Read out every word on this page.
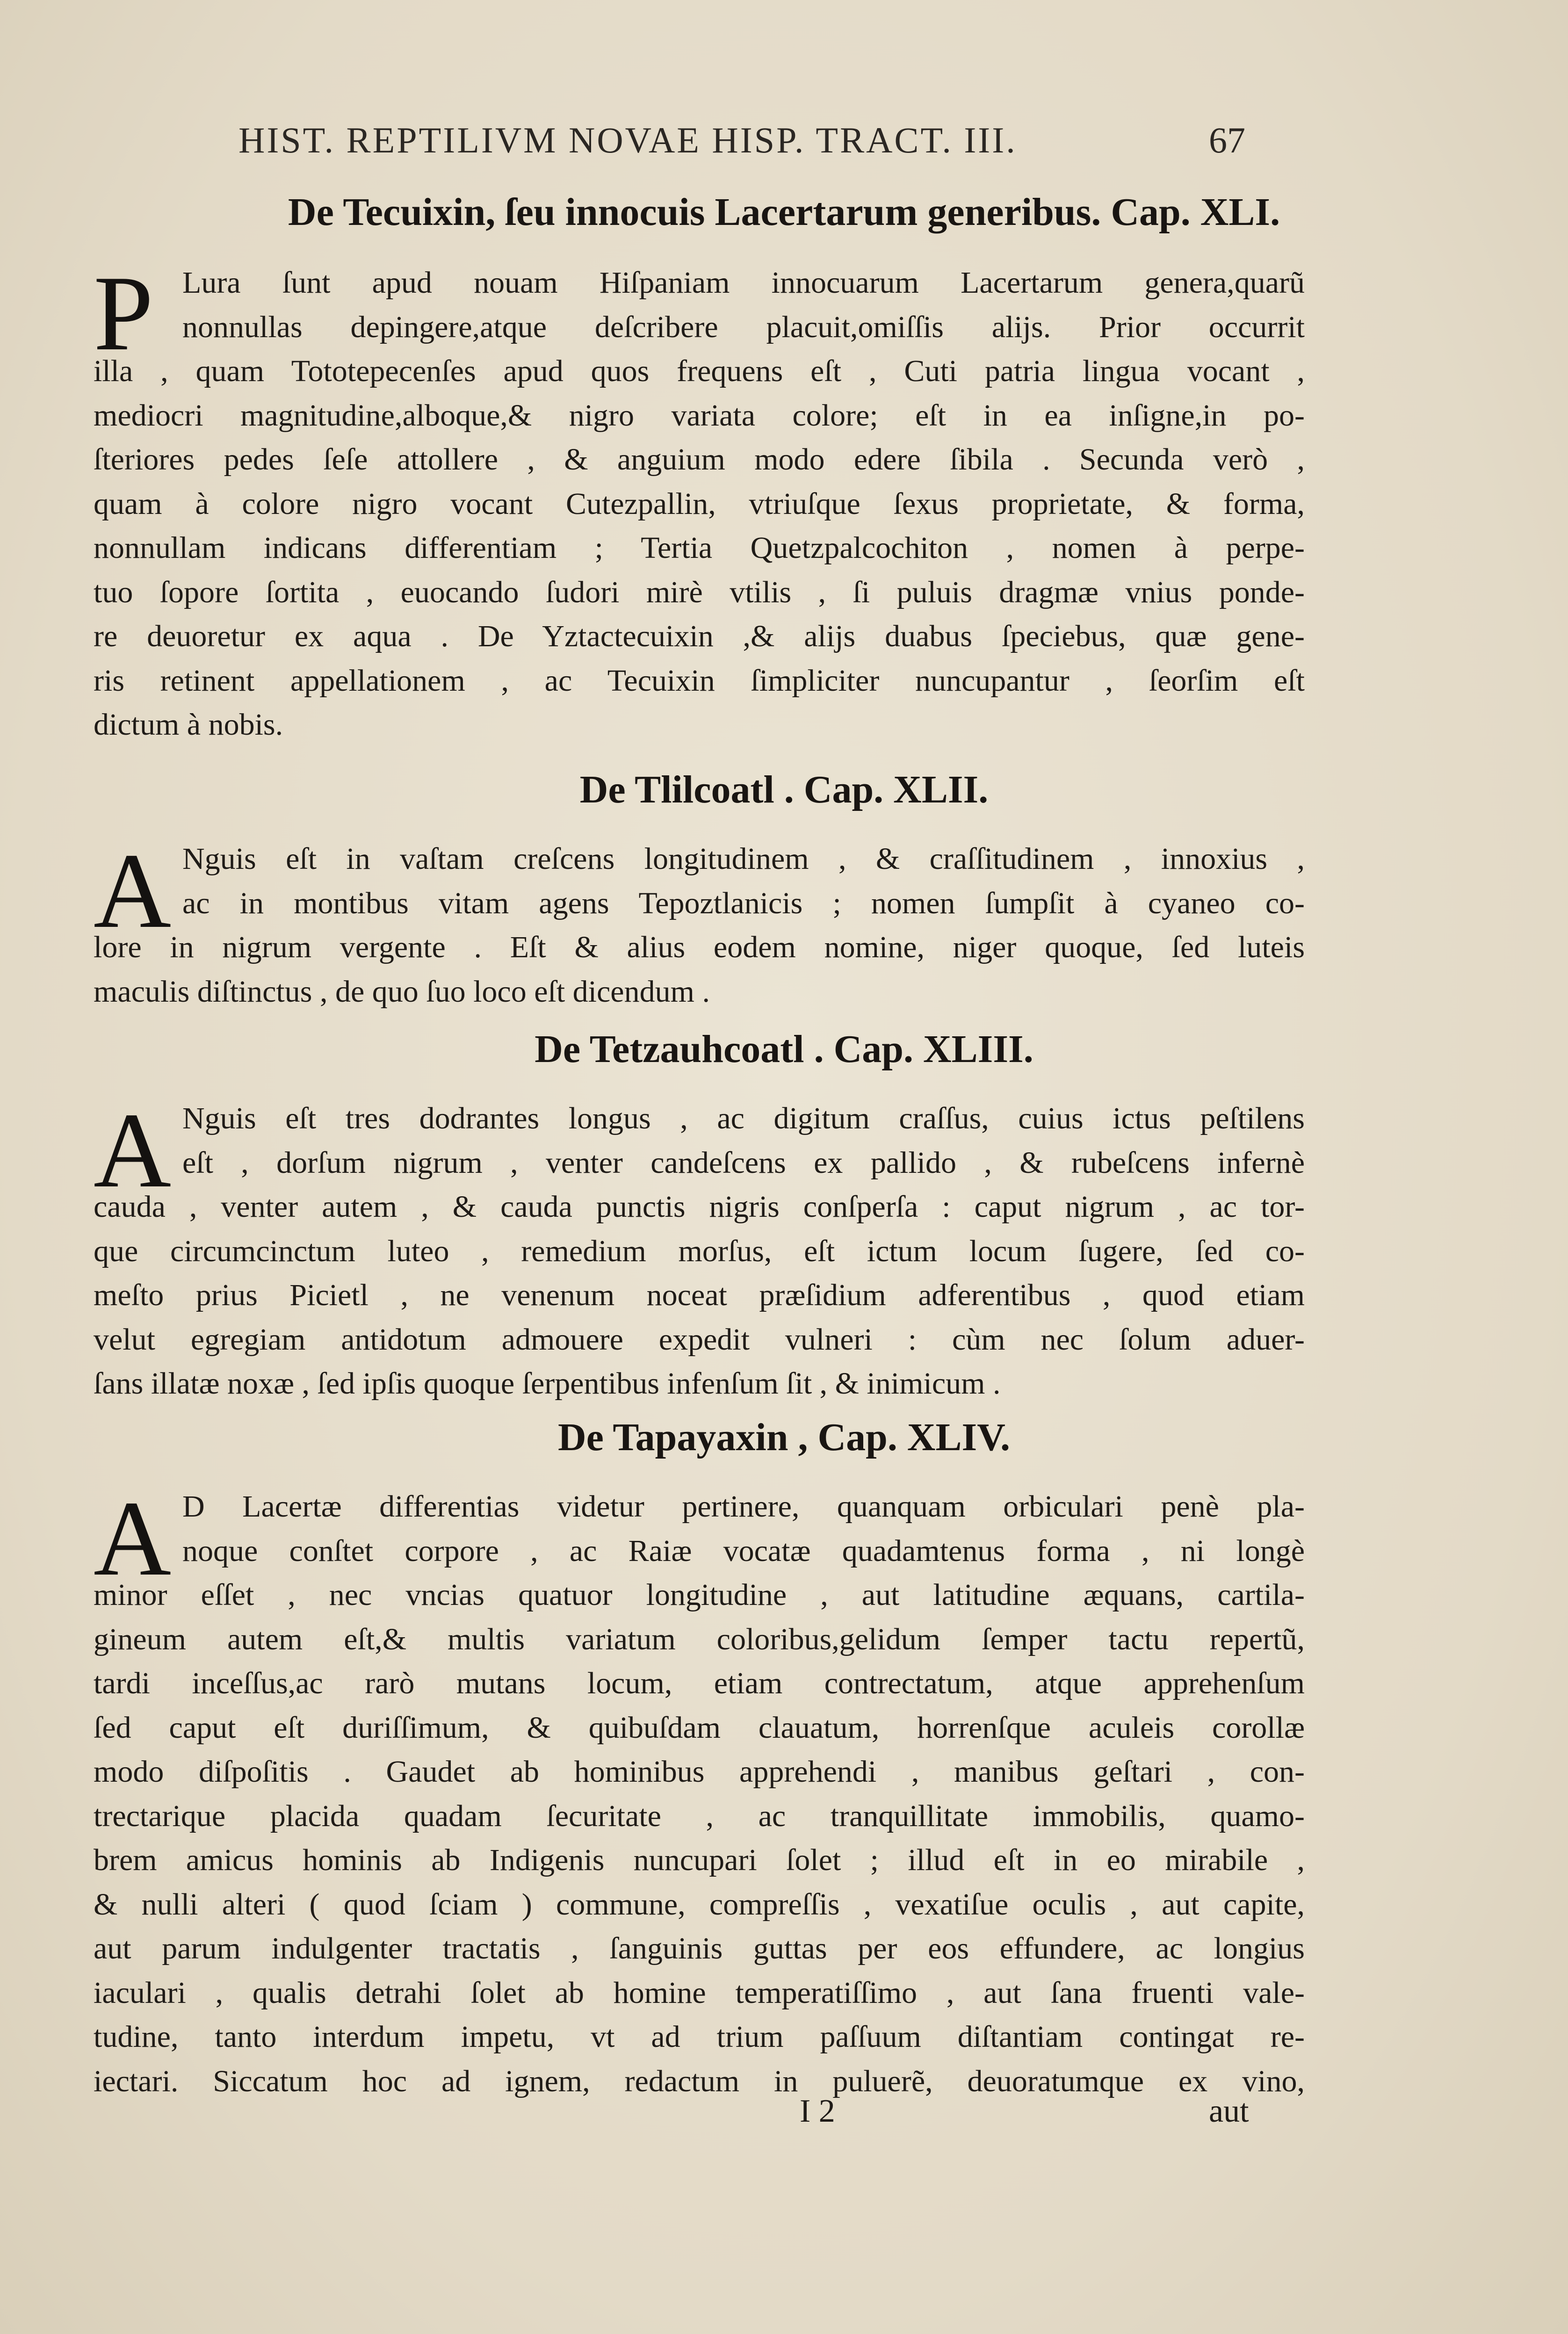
HIST. REPTILIVM NOVAE HISP. TRACT. III.	67
De Tecuixin, ſeu innocuis Lacertarum generibus. Cap. XLI.
P Lura ſunt apud nouam Hiſpaniam innocuarum Lacertarum genera,quarũ
nonnullas depingere,atque deſcribere placuit,omiſſis alijs. Prior occurrit
illa , quam Tototepecenſes apud quos frequens eſt , Cuti patria lingua vocant ,
mediocri magnitudine,alboque,& nigro variata colore; eſt in ea inſigne,in po-
ſteriores pedes ſeſe attollere , & anguium modo edere ſibila . Secunda verò ,
quam à colore nigro vocant Cutezpallin, vtriuſque ſexus proprietate, & forma,
nonnullam indicans differentiam ; Tertia Quetzpalcochiton , nomen à perpe-
tuo ſopore ſortita , euocando ſudori mirè vtilis , ſi puluis dragmæ vnius ponde-
re deuoretur ex aqua . De Yztactecuixin ,& alijs duabus ſpeciebus, quæ gene-
ris retinent appellationem , ac Tecuixin ſimpliciter nuncupantur , ſeorſim eſt
dictum à nobis.
De Tlilcoatl . Cap. XLII.
A Nguis eſt in vaſtam creſcens longitudinem , & craſſitudinem , innoxius ,
ac in montibus vitam agens Tepoztlanicis ; nomen ſumpſit à cyaneo co-
lore in nigrum vergente . Eſt & alius eodem nomine, niger quoque, ſed luteis
maculis diſtinctus , de quo ſuo loco eſt dicendum .
De Tetzauhcoatl . Cap. XLIII.
A Nguis eſt tres dodrantes longus , ac digitum craſſus, cuius ictus peſtilens
eſt , dorſum nigrum , venter candeſcens ex pallido , & rubeſcens infernè
cauda , venter autem , & cauda punctis nigris conſperſa : caput nigrum , ac tor-
que circumcinctum luteo , remedium morſus, eſt ictum locum ſugere, ſed co-
meſto prius Picietl , ne venenum noceat præſidium adferentibus , quod etiam
velut egregiam antidotum admouere expedit vulneri : cùm nec ſolum aduer-
ſans illatæ noxæ , ſed ipſis quoque ſerpentibus infenſum ſit , & inimicum .
De Tapayaxin , Cap. XLIV.
A D Lacertæ differentias videtur pertinere, quanquam orbiculari penè pla-
noque conſtet corpore , ac Raiæ vocatæ quadamtenus forma , ni longè
minor eſſet , nec vncias quatuor longitudine , aut latitudine æquans, cartila-
gineum autem eſt,& multis variatum coloribus,gelidum ſemper tactu repertũ,
tardi inceſſus,ac rarò mutans locum, etiam contrectatum, atque apprehenſum
ſed caput eſt duriſſimum, & quibuſdam clauatum, horrenſque aculeis corollæ
modo diſpoſitis . Gaudet ab hominibus apprehendi , manibus geſtari , con-
trectarique placida quadam ſecuritate , ac tranquillitate immobilis, quamo-
brem amicus hominis ab Indigenis nuncupari ſolet ; illud eſt in eo mirabile ,
& nulli alteri ( quod ſciam ) commune, compreſſis , vexatiſue oculis , aut capite,
aut parum indulgenter tractatis , ſanguinis guttas per eos effundere, ac longius
iaculari , qualis detrahi ſolet ab homine temperatiſſimo , aut ſana fruenti vale-
tudine, tanto interdum impetu, vt ad trium paſſuum diſtantiam contingat re-
iectari. Siccatum hoc ad ignem, redactum in puluerẽ, deuoratumque ex vino,
I 2	aut
